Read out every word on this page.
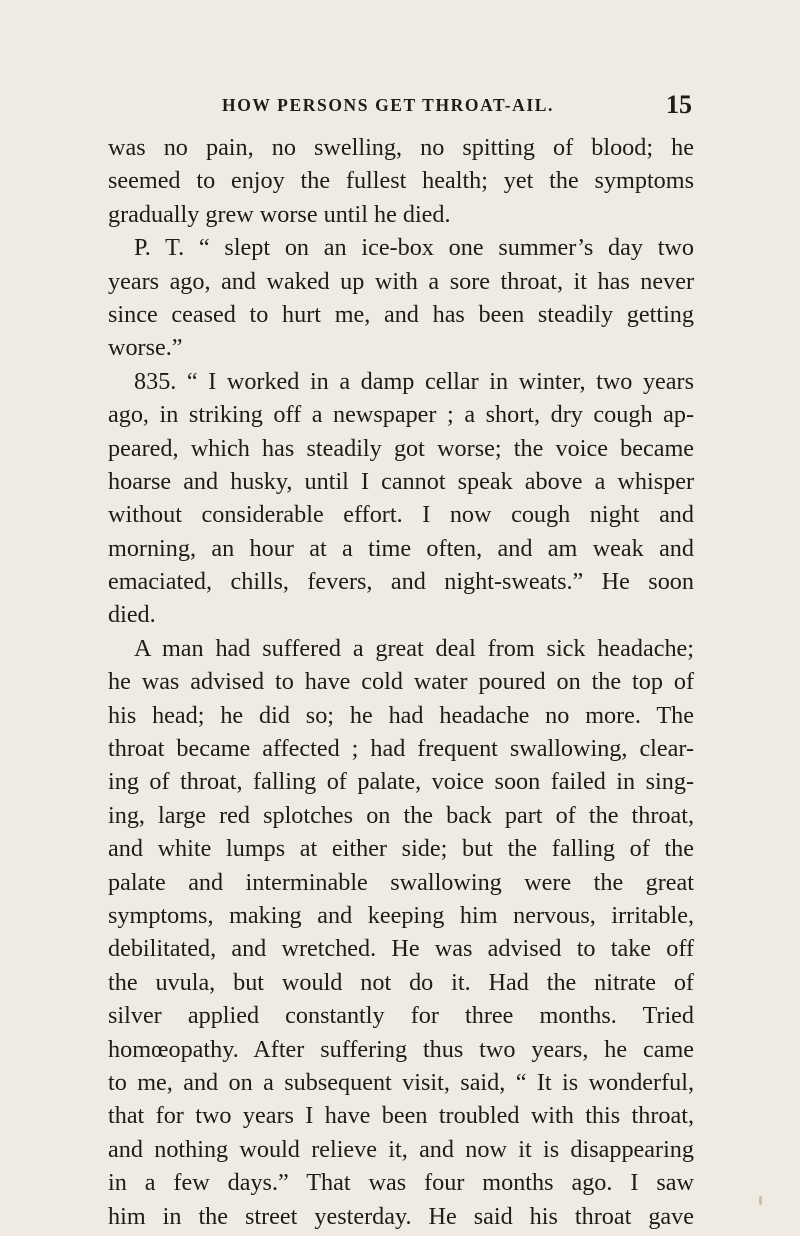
HOW PERSONS GET THROAT-AIL.	15
was no pain, no swelling, no spitting of blood; he
seemed to enjoy the fullest health; yet the symptoms
gradually grew worse until he died.
P. T. “ slept on an ice-box one summer’s day two
years ago, and waked up with a sore throat, it has never
since ceased to hurt me, and has been steadily getting
worse.”
835. “ I worked in a damp cellar in winter, two years
ago, in striking off a newspaper ; a short, dry cough ap-
peared, which has steadily got worse; the voice became
hoarse and husky, until I cannot speak above a whisper
without considerable effort. I now cough night and
morning, an hour at a time often, and am weak and
emaciated, chills, fevers, and night-sweats.” He soon
died.
A man had suffered a great deal from sick headache;
he was advised to have cold water poured on the top of
his head; he did so; he had headache no more. The
throat became affected ; had frequent swallowing, clear-
ing of throat, falling of palate, voice soon failed in sing-
ing, large red splotches on the back part of the throat,
and white lumps at either side; but the falling of the
palate and interminable swallowing were the great
symptoms, making and keeping him nervous, irritable,
debilitated, and wretched. He was advised to take off
the uvula, but would not do it. Had the nitrate of
silver applied constantly for three months. Tried
homœopathy. After suffering thus two years, he came
to me, and on a subsequent visit, said, “ It is wonderful,
that for two years I have been troubled with this throat,
and nothing would relieve it, and now it is disappearing
in a few days.” That was four months ago. I saw
him in the street yesterday. He said his throat gave
